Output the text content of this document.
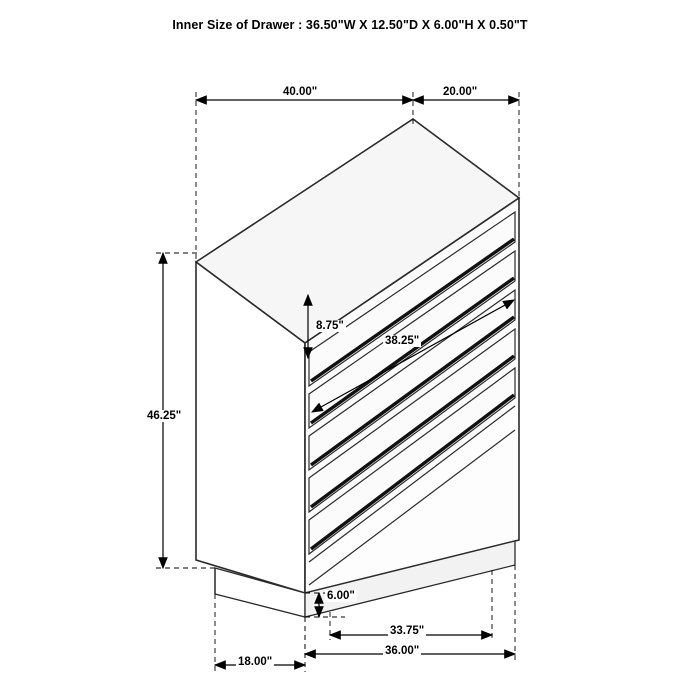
Inner Size of Drawer : 36.50"W X 12.50"D X 6.00"H X 0.50"T
40.00"	20.00"
8.75"
38.25"
46.25"
6.00"
18.00"
36.00"
33.75"
